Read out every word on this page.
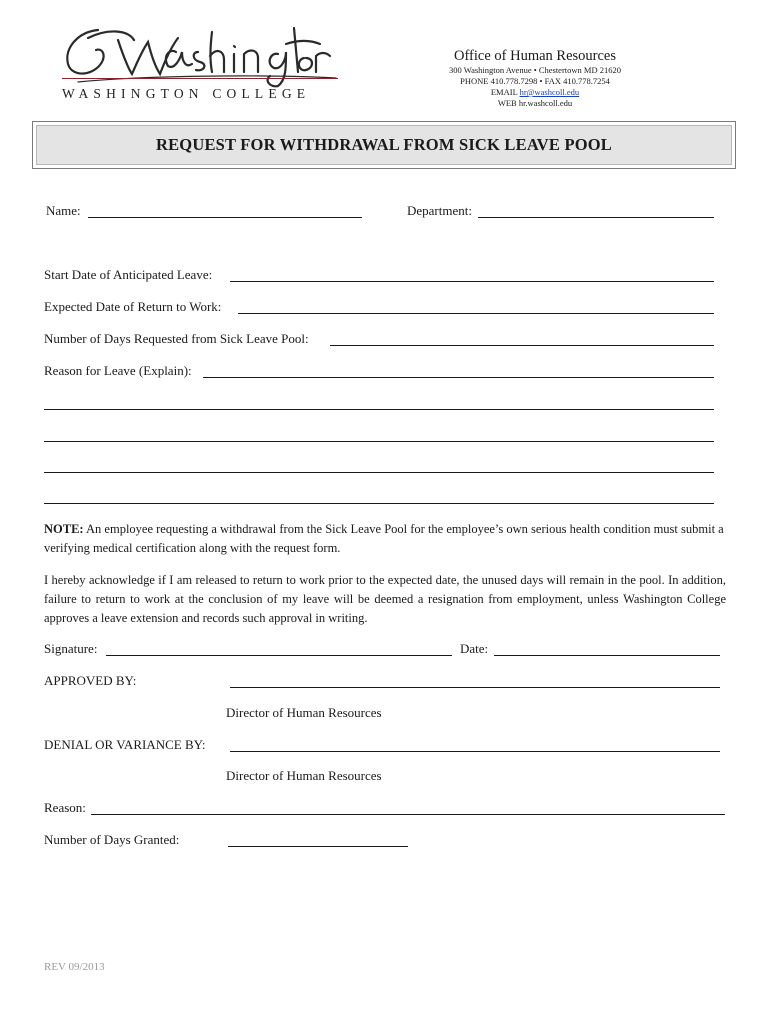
WASHINGTON COLLEGE
Office of Human Resources
300 Washington Avenue • Chestertown MD 21620
PHONE 410.778.7298 • FAX 410.778.7254
EMAIL hr@washcoll.edu
WEB hr.washcoll.edu
REQUEST FOR WITHDRAWAL FROM SICK LEAVE POOL
Name:	Department:
Start Date of Anticipated Leave:
Expected Date of Return to Work:
Number of Days Requested from Sick Leave Pool:
Reason for Leave (Explain):
NOTE: An employee requesting a withdrawal from the Sick Leave Pool for the employee’s own serious health condition must submit a verifying medical certification along with the request form.
I hereby acknowledge if I am released to return to work prior to the expected date, the unused days will remain in the pool. In addition, failure to return to work at the conclusion of my leave will be deemed a resignation from employment, unless Washington College approves a leave extension and records such approval in writing.
Signature:	Date:
APPROVED BY:
Director of Human Resources
DENIAL OR VARIANCE BY:
Director of Human Resources
Reason:
Number of Days Granted:
REV 09/2013
